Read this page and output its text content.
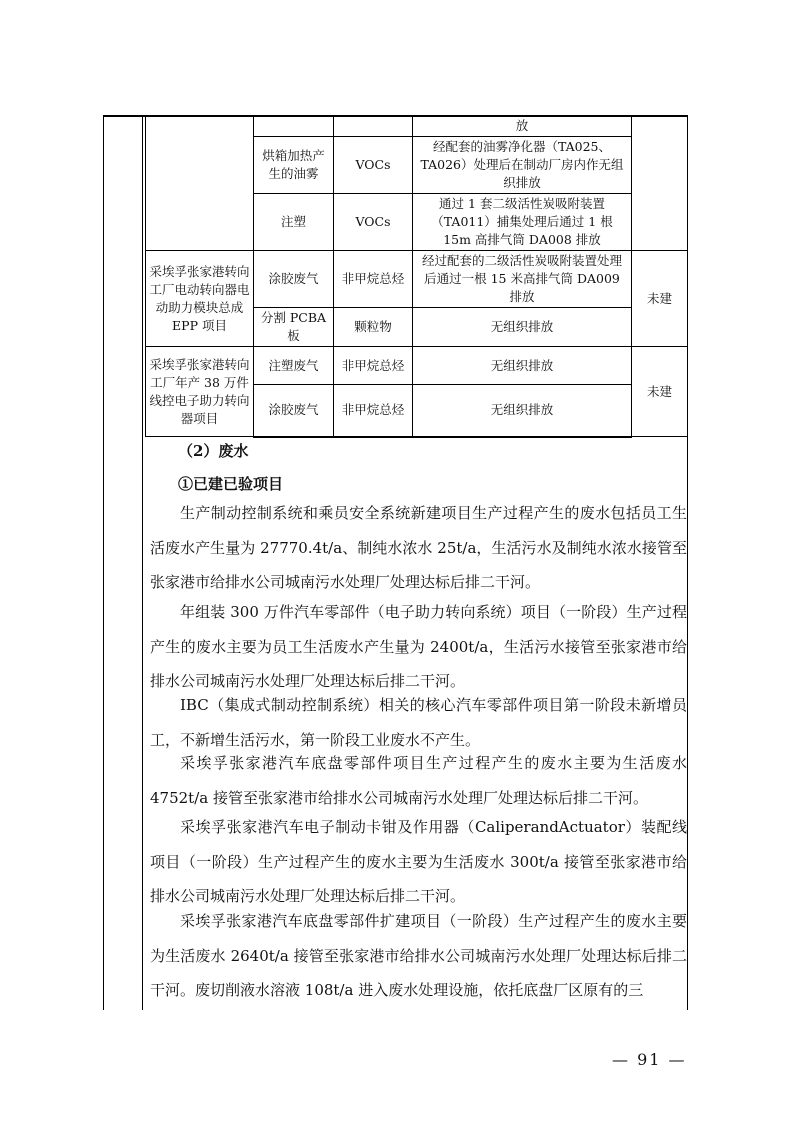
			放	
	烘箱加热产生的油雾	VOCs	经配套的油雾净化器（TA025、TA026）处理后在制动厂房内作无组织排放	
	注塑	VOCs	通过 1 套二级活性炭吸附装置（TA011）捕集处理后通过 1 根 15m 高排气筒 DA008 排放	
采埃孚张家港转向工厂电动转向器电动助力模块总成 EPP 项目	涂胶废气	非甲烷总烃	经过配套的二级活性炭吸附装置处理后通过一根 15 米高排气筒 DA009 排放	未建
	分割 PCBA 板	颗粒物	无组织排放	
采埃孚张家港转向工厂年产 38 万件线控电子助力转向器项目	注塑废气	非甲烷总烃	无组织排放	未建
	涂胶废气	非甲烷总烃	无组织排放	
（2）废水
①已建已验项目
生产制动控制系统和乘员安全系统新建项目生产过程产生的废水包括员工生活废水产生量为 27770.4t/a、制纯水浓水 25t/a，生活污水及制纯水浓水接管至张家港市给排水公司城南污水处理厂处理达标后排二干河。
年组装 300 万件汽车零部件（电子助力转向系统）项目（一阶段）生产过程产生的废水主要为员工生活废水产生量为 2400t/a，生活污水接管至张家港市给排水公司城南污水处理厂处理达标后排二干河。
IBC（集成式制动控制系统）相关的核心汽车零部件项目第一阶段未新增员工，不新增生活污水，第一阶段工业废水不产生。
采埃孚张家港汽车底盘零部件项目生产过程产生的废水主要为生活废水 4752t/a 接管至张家港市给排水公司城南污水处理厂处理达标后排二干河。
采埃孚张家港汽车电子制动卡钳及作用器（CaliperandActuator）装配线项目（一阶段）生产过程产生的废水主要为生活废水 300t/a 接管至张家港市给排水公司城南污水处理厂处理达标后排二干河。
采埃孚张家港汽车底盘零部件扩建项目（一阶段）生产过程产生的废水主要为生活废水 2640t/a 接管至张家港市给排水公司城南污水处理厂处理达标后排二干河。废切削液水溶液 108t/a 进入废水处理设施，依托底盘厂区原有的三
— 91 —
